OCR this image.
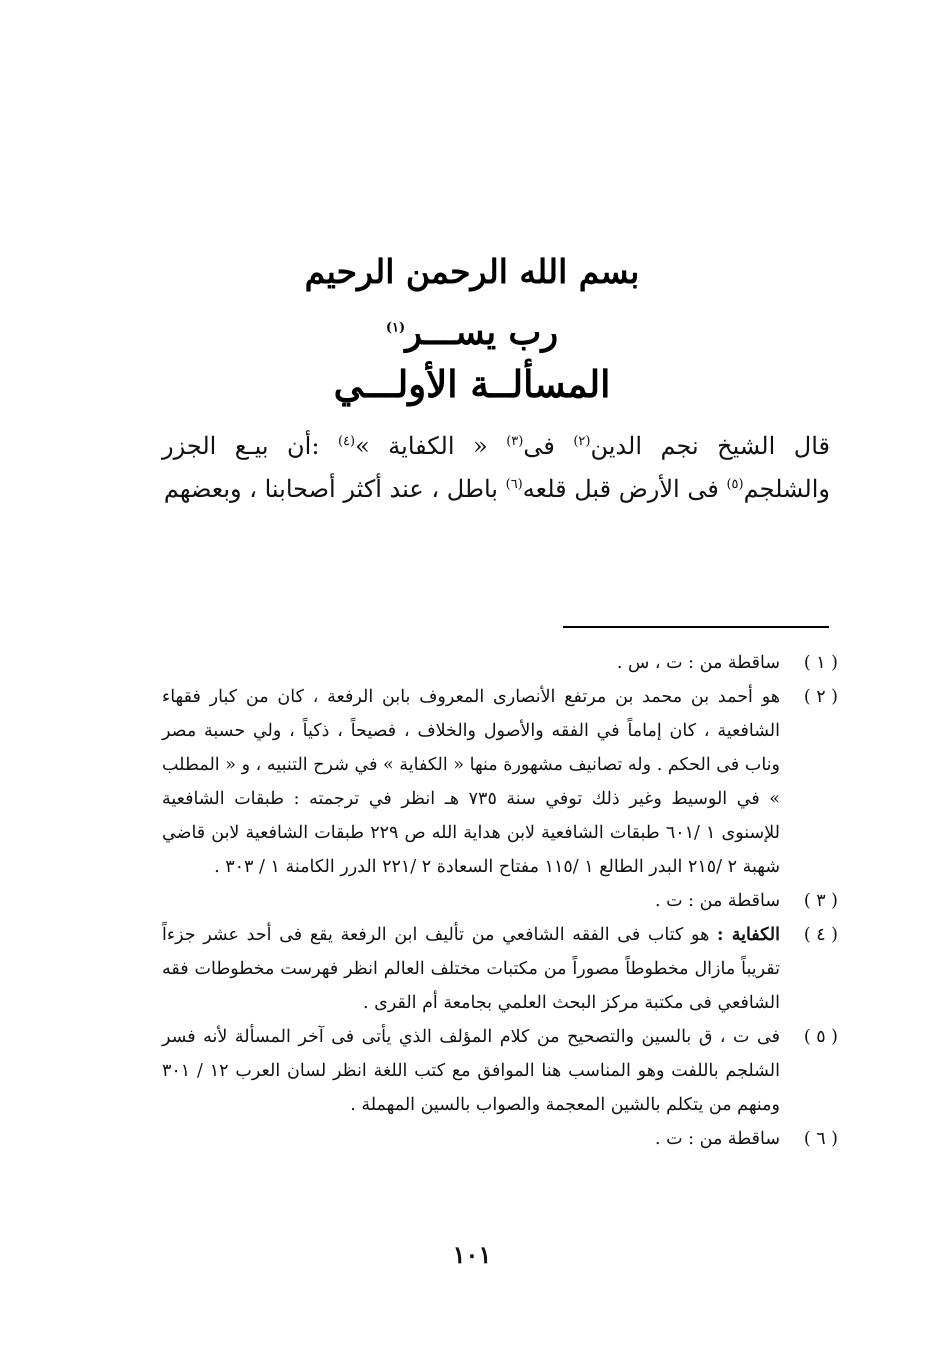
بسم الله الرحمن الرحيم
رب يســـر$^{(١)}$
المسألــة الأولـــي
قال الشيخ نجم الدين$^{(٢)}$ فى$^{(٣)}$ « الكفاية »$^{(٤)}$ :أن بيـع الجزر والشلجم$^{(٥)}$ فى الأرض قبل قلعه$^{(٦)}$ باطل ، عند أكثر أصحابنا ، وبعضهم
( ١ )
ساقطة من : ت ، س .
( ٢ )
هو أحمد بن محمد بن مرتفع الأنصارى المعروف بابن الرفعة ، كان من كبار فقهاء الشافعية ، كان إماماً في الفقه والأصول والخلاف ، فصيحاً ، ذكياً ، ولي حسبة مصر وناب فى الحكم . وله تصانيف مشهورة منها « الكفاية » في شرح التنبيه ، و « المطلب » في الوسيط وغير ذلك توفي سنة ٧٣٥ هـ انظر في ترجمته : طبقات الشافعية للإسنوى ١ /٦٠١ طبقات الشافعية لابن هداية الله ص ٢٢٩ طبقات الشافعية لابن قاضي شهبة ٢ /٢١٥ البدر الطالع ١ /١١٥ مفتاح السعادة ٢ /٢٢١ الدرر الكامنة ١ / ٣٠٣ .
( ٣ )
ساقطة من : ت .
( ٤ )
الكفاية : هو كتاب فى الفقه الشافعي من تأليف ابن الرفعة يقع فى أحد عشر جزءاً تقريباً مازال مخطوطاً مصوراً من مكتبات مختلف العالم انظر فهرست مخطوطات فقه الشافعي فى مكتبة مركز البحث العلمي بجامعة أم القرى .
( ٥ )
فى ت ، ق بالسين والتصحيح من كلام المؤلف الذي يأتى فى آخر المسألة لأنه فسر الشلجم باللفت وهو المناسب هنا الموافق مع كتب اللغة انظر لسان العرب ١٢ / ٣٠١ ومنهم من يتكلم بالشين المعجمة والصواب بالسين المهملة .
( ٦ )
ساقطة من : ت .
١٠١
